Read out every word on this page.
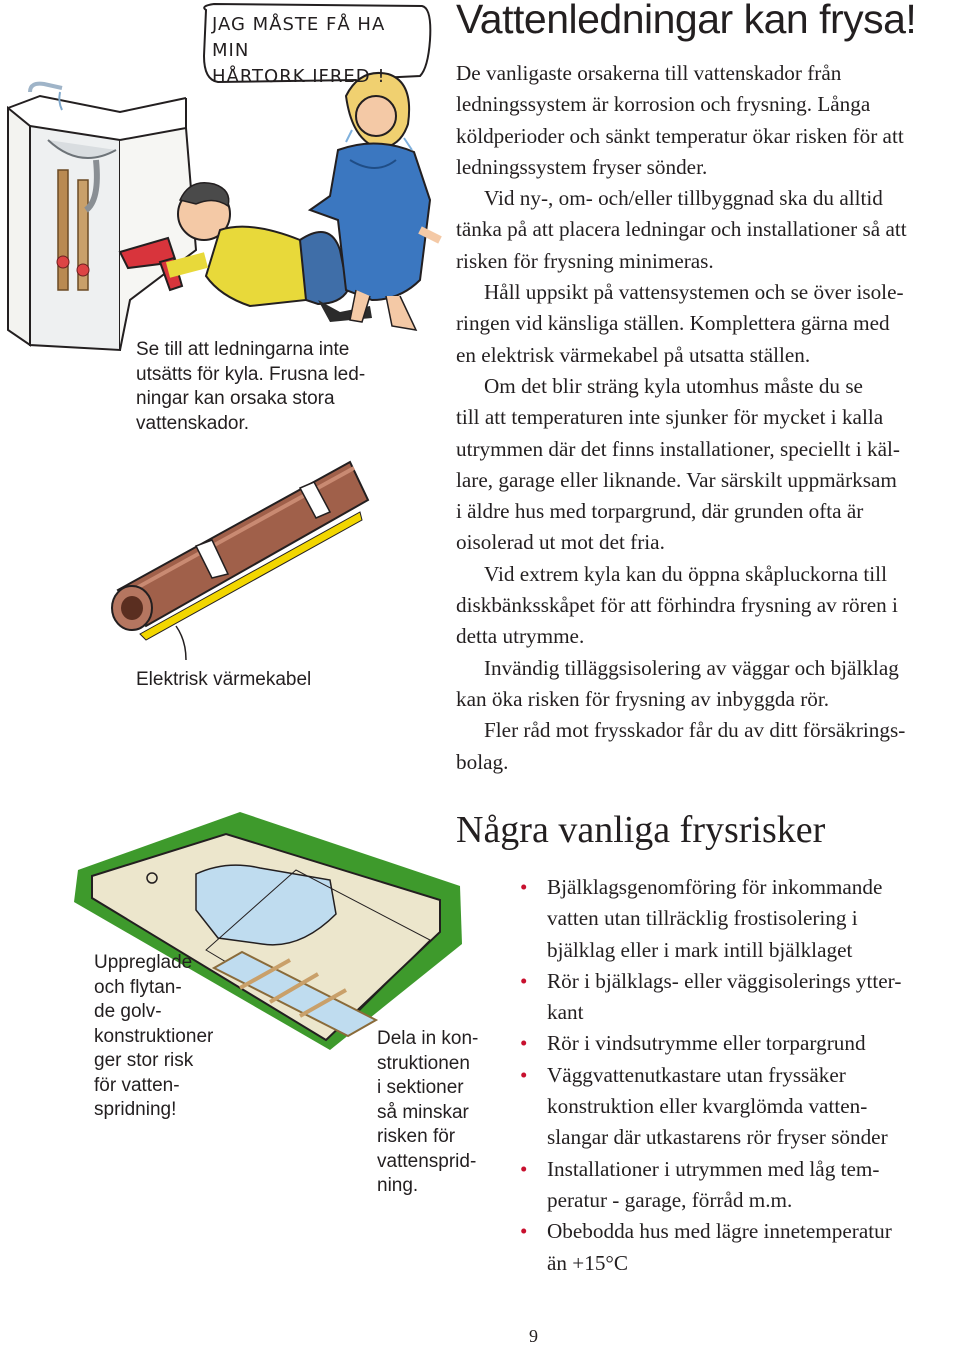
JAG MÅSTE FÅ HA MIN
HÅRTORK IFRED !
Se till att ledningarna inte
utsätts för kyla. Frusna led-
ningar kan orsaka stora
vattenskador.
Elektrisk värmekabel
Uppreglade
och flytan-
de golv-
konstruktioner
ger stor risk
för vatten-
spridning!
Dela in kon-
struktionen
i sektioner
så minskar
risken för
vattensprid-
ning.
Vattenledningar kan frysa!
De vanligaste orsakerna till vattenskador från
ledningssystem är korrosion och frysning. Långa
köldperioder och sänkt temperatur ökar risken för att
ledningssystem fryser sönder.
Vid ny-, om- och/eller tillbyggnad ska du alltid
tänka på att placera ledningar och installationer så att
risken för frysning minimeras.
Håll uppsikt på vattensystemen och se över isole-
ringen vid känsliga ställen. Komplettera gärna med
en elektrisk värmekabel på utsatta ställen.
Om det blir sträng kyla utomhus måste du se
till att temperaturen inte sjunker för mycket i kalla
utrymmen där det finns installationer, speciellt i käl-
lare, garage eller liknande. Var särskilt uppmärksam
i äldre hus med torpargrund, där grunden ofta är
oisolerad ut mot det fria.
Vid extrem kyla kan du öppna skåpluckorna till
diskbänksskåpet för att förhindra frysning av rören i
detta utrymme.
Invändig tilläggsisolering av väggar och bjälklag
kan öka risken för frysning av inbyggda rör.
Fler råd mot frysskador får du av ditt försäkrings-
bolag.
Några vanliga frysrisker
• Bjälklagsgenomföring för inkommande
vatten utan tillräcklig frostisolering i
bjälklag eller i mark intill bjälklaget
• Rör i bjälklags- eller väggisolerings ytter-
kant
• Rör i vindsutrymme eller torpargrund
• Väggvattenutkastare utan fryssäker
konstruktion eller kvarglömda vatten-
slangar där utkastarens rör fryser sönder
• Installationer i utrymmen med låg tem-
peratur - garage, förråd m.m.
• Obebodda hus med lägre innetemperatur
än +15°C
9
